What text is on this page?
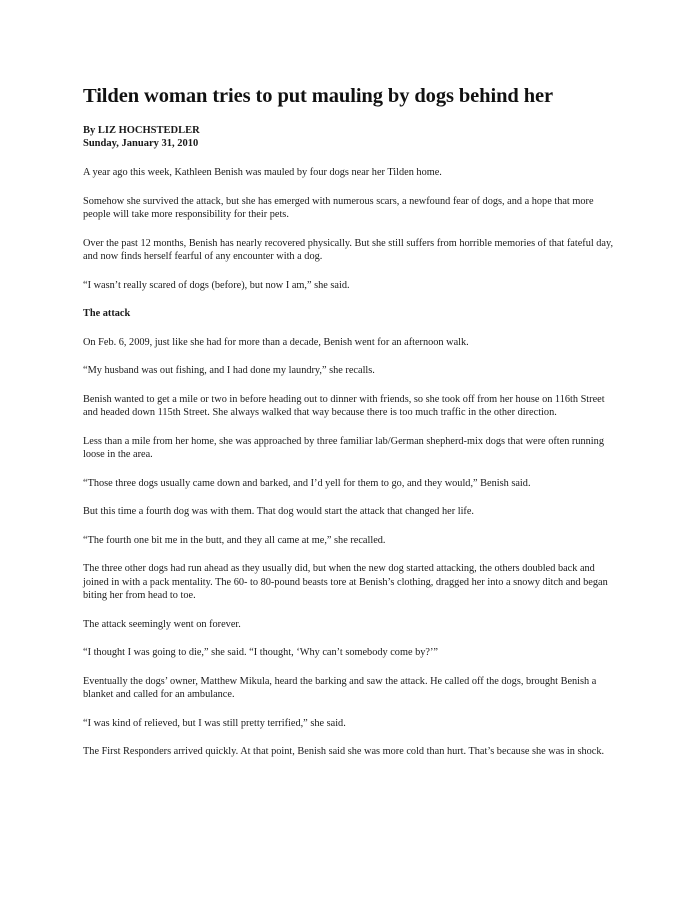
Tilden woman tries to put mauling by dogs behind her
By LIZ HOCHSTEDLER
Sunday, January 31, 2010

A year ago this week, Kathleen Benish was mauled by four dogs near her Tilden home.

Somehow she survived the attack, but she has emerged with numerous scars, a newfound fear of dogs, and a hope that more people will take more responsibility for their pets.

Over the past 12 months, Benish has nearly recovered physically. But she still suffers from horrible memories of that fateful day, and now finds herself fearful of any encounter with a dog.

“I wasn’t really scared of dogs (before), but now I am,” she said.

The attack

On Feb. 6, 2009, just like she had for more than a decade, Benish went for an afternoon walk.

“My husband was out fishing, and I had done my laundry,” she recalls.

Benish wanted to get a mile or two in before heading out to dinner with friends, so she took off from her house on 116th Street and headed down 115th Street. She always walked that way because there is too much traffic in the other direction.

Less than a mile from her home, she was approached by three familiar lab/German shepherd-mix dogs that were often running loose in the area.

“Those three dogs usually came down and barked, and I’d yell for them to go, and they would,” Benish said.

But this time a fourth dog was with them. That dog would start the attack that changed her life.

“The fourth one bit me in the butt, and they all came at me,” she recalled.

The three other dogs had run ahead as they usually did, but when the new dog started attacking, the others doubled back and joined in with a pack mentality. The 60- to 80-pound beasts tore at Benish’s clothing, dragged her into a snowy ditch and began biting her from head to toe.

The attack seemingly went on forever.

“I thought I was going to die,” she said. “I thought, ‘Why can’t somebody come by?’”

Eventually the dogs’ owner, Matthew Mikula, heard the barking and saw the attack. He called off the dogs, brought Benish a blanket and called for an ambulance.

“I was kind of relieved, but I was still pretty terrified,” she said.

The First Responders arrived quickly. At that point, Benish said she was more cold than hurt. That’s because she was in shock.
